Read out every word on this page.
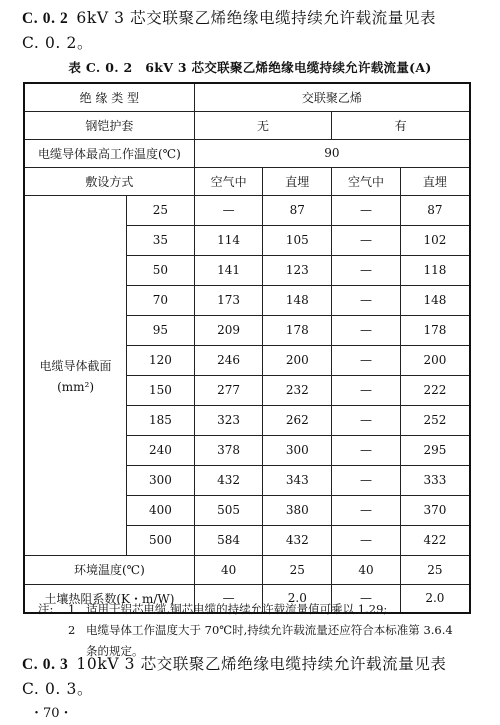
C. 0. 2 6kV 3 芯交联聚乙烯绝缘电缆持续允许载流量见表
C. 0. 2。
表 C. 0. 2　6kV 3 芯交联聚乙烯绝缘电缆持续允许载流量(A)
绝 缘 类 型		交联聚乙烯			
钢铠护套		无		有	
电缆导体最高工作温度(℃)		90			
敷设方式		空气中	直埋	空气中	直埋

电缆导体截面
(mm²)	25	—	87	—	87
	35	114	105	—	102
	50	141	123	—	118
	70	173	148	—	148
	95	209	178	—	178
	120	246	200	—	200
	150	277	232	—	222
	185	323	262	—	252
	240	378	300	—	295
	300	432	343	—	333
	400	505	380	—	370
	500	584	432	—	422
环境温度(℃)		40	25	40	25
土壤热阻系数(K・m/W)		—	2.0	—	2.0
注:	1 适用于铝芯电缆,铜芯电缆的持续允许载流量值可乘以 1.29;
2 电缆导体工作温度大于 70℃时,持续允许载流量还应符合本标准第 3.6.4
条的规定。
C. 0. 3 10kV 3 芯交联聚乙烯绝缘电缆持续允许载流量见表
C. 0. 3。
・70・
